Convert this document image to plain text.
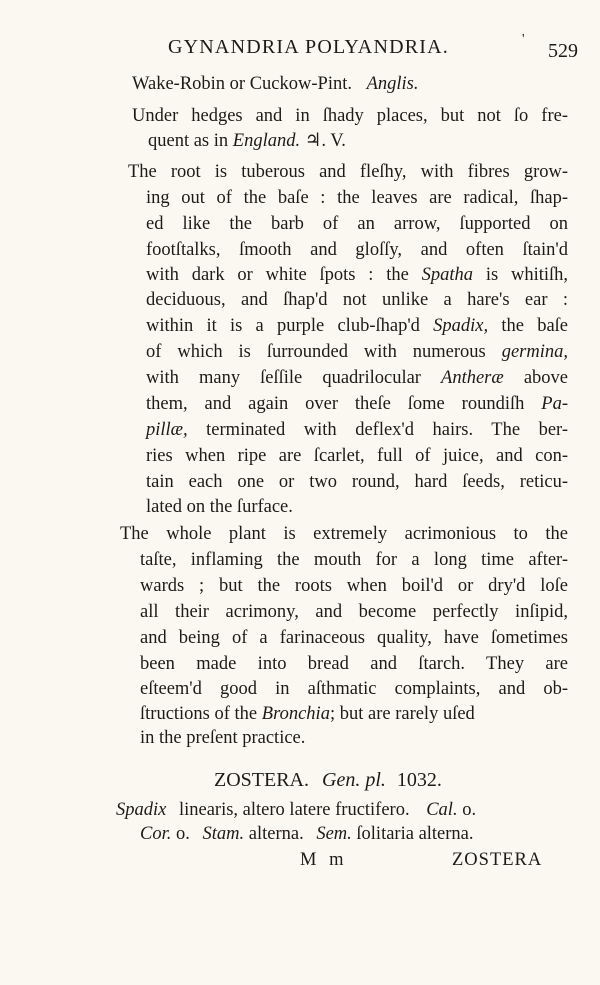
GYNANDRIA POLYANDRIA.	'
529
Wake-Robin or Cuckow-Pint. Anglis.
Under hedges and in ſhady places, but not ſo fre-
quent as in England. ♃. V.
The root is tuberous and fleſhy, with fibres grow-
ing out of the baſe : the leaves are radical, ſhap-
ed like the barb of an arrow, ſupported on
footſtalks, ſmooth and gloſſy, and often ſtain'd
with dark or white ſpots : the Spatha is whitiſh,
deciduous, and ſhap'd not unlike a hare's ear :
within it is a purple club-ſhap'd Spadix, the baſe
of which is ſurrounded with numerous germina,
with many ſeſſile quadrilocular Antheræ above
them, and again over theſe ſome roundiſh Pa-
pillæ, terminated with deflex'd hairs. The ber-
ries when ripe are ſcarlet, full of juice, and con-
tain each one or two round, hard ſeeds, reticu-
lated on the ſurface.
The whole plant is extremely acrimonious to the
taſte, inflaming the mouth for a long time after-
wards ; but the roots when boil'd or dry'd loſe
all their acrimony, and become perfectly inſipid,
and being of a farinaceous quality, have ſometimes
been made into bread and ſtarch. They are
eſteem'd good in aſthmatic complaints, and ob-
ſtructions of the Bronchia; but are rarely uſed
in the preſent practice.
ZOSTERA. Gen. pl. 1032.
Spadix linearis, altero latere fructifero. Cal. o.
Cor. o. Stam. alterna. Sem. ſolitaria alterna.
M m	ZOSTERA
